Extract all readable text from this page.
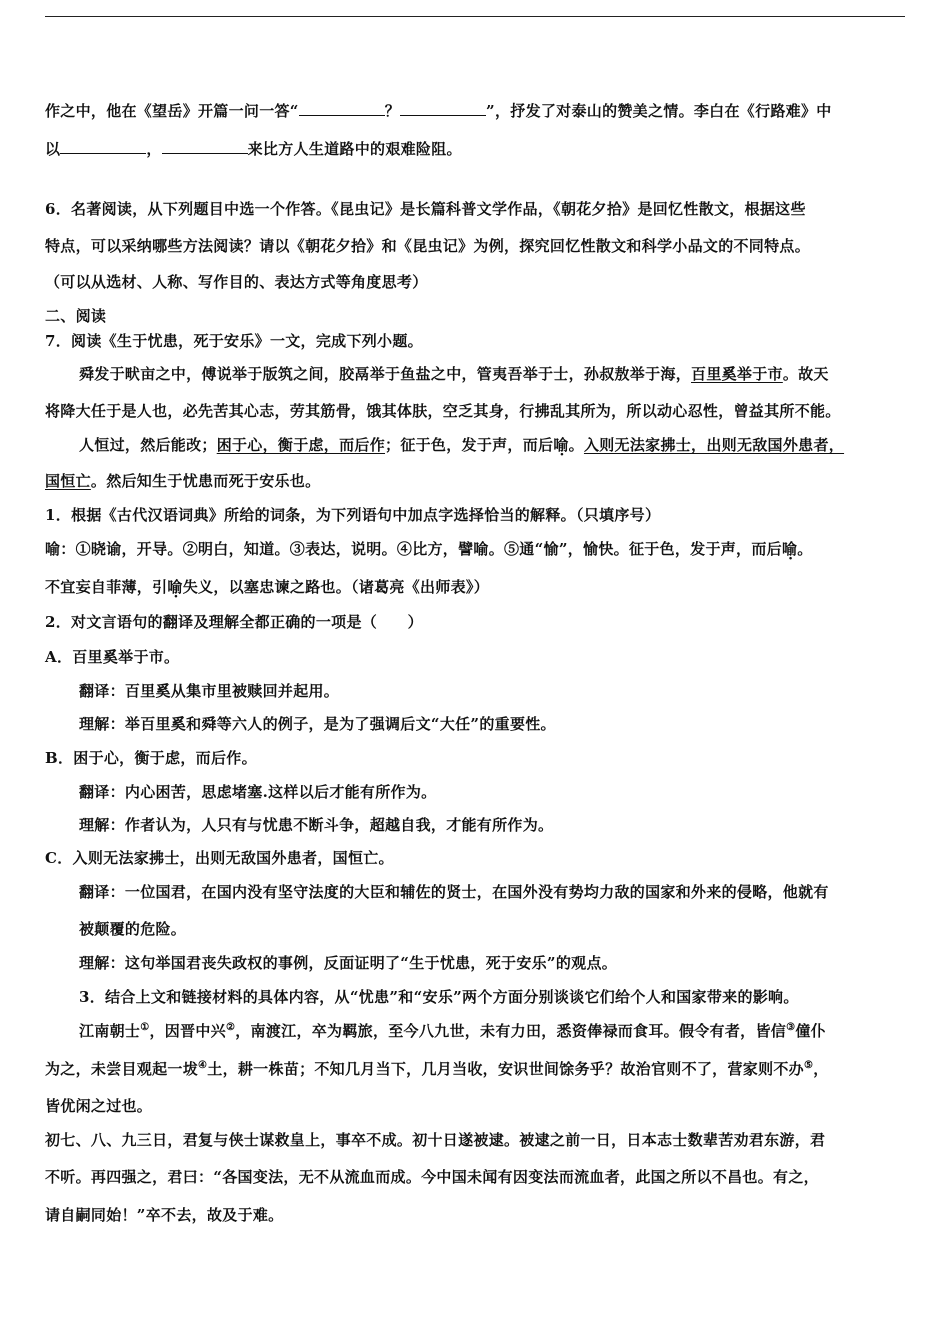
作之中，他在《望岳》开篇一问一答“	？	”，抒发了对泰山的赞美之情。李白在《行路难》中
以	，	来比方人生道路中的艰难险阻。
6．名著阅读，从下列题目中选一个作答。《昆虫记》是长篇科普文学作品，《朝花夕拾》是回忆性散文，根据这些
特点，可以采纳哪些方法阅读？请以《朝花夕拾》和《昆虫记》为例，探究回忆性散文和科学小品文的不同特点。
（可以从选材、人称、写作目的、表达方式等角度思考）
二、阅读
7．阅读《生于忧患，死于安乐》一文，完成下列小题。
舜发于畎亩之中，傅说举于版筑之间，胶鬲举于鱼盐之中，管夷吾举于士，孙叔敖举于海，百里奚举于市。故天
将降大任于是人也，必先苦其心志，劳其筋骨，饿其体肤，空乏其身，行拂乱其所为，所以动心忍性，曾益其所不能。
人恒过，然后能改；困于心，衡于虑，而后作；征于色，发于声，而后喻。入则无法家拂士，出则无敌国外患者，
国恒亡。然后知生于忧患而死于安乐也。
1．根据《古代汉语词典》所给的词条，为下列语句中加点字选择恰当的解释。（只填序号）
喻：①晓谕，开导。②明白，知道。③表达，说明。④比方，譬喻。⑤通“愉”，愉快。征于色，发于声，而后喻。
不宜妄自菲薄，引喻失义，以塞忠谏之路也。（诸葛亮《出师表》）
2．对文言语句的翻译及理解全都正确的一项是（　　）
A．百里奚举于市。
翻译：百里奚从集市里被赎回并起用。
理解：举百里奚和舜等六人的例子，是为了强调后文“大任”的重要性。
B．困于心，衡于虑，而后作。
翻译：内心困苦，思虑堵塞.这样以后才能有所作为。
理解：作者认为，人只有与忧患不断斗争，超越自我，才能有所作为。
C．入则无法家拂士，出则无敌国外患者，国恒亡。
翻译：一位国君，在国内没有坚守法度的大臣和辅佐的贤士，在国外没有势均力敌的国家和外来的侵略，他就有
被颠覆的危险。
理解：这句举国君丧失政权的事例，反面证明了“生于忧患，死于安乐”的观点。
3．结合上文和链接材料的具体内容，从“忧患”和“安乐”两个方面分别谈谈它们给个人和国家带来的影响。
江南朝士①，因晋中兴②，南渡江，卒为羁旅，至今八九世，未有力田，悉资俸禄而食耳。假令有者，皆信③僮仆
为之，未尝目观起一坺④土，耕一株苗；不知几月当下，几月当收，安识世间馀务乎？故治官则不了，营家则不办⑤，
皆优闲之过也。
初七、八、九三日，君复与侠士谋救皇上，事卒不成。初十日遂被逮。被逮之前一日，日本志士数辈苦劝君东游，君
不听。再四强之，君曰：“各国变法，无不从流血而成。今中国未闻有因变法而流血者，此国之所以不昌也。有之，
请自嗣同始！”卒不去，故及于难。
